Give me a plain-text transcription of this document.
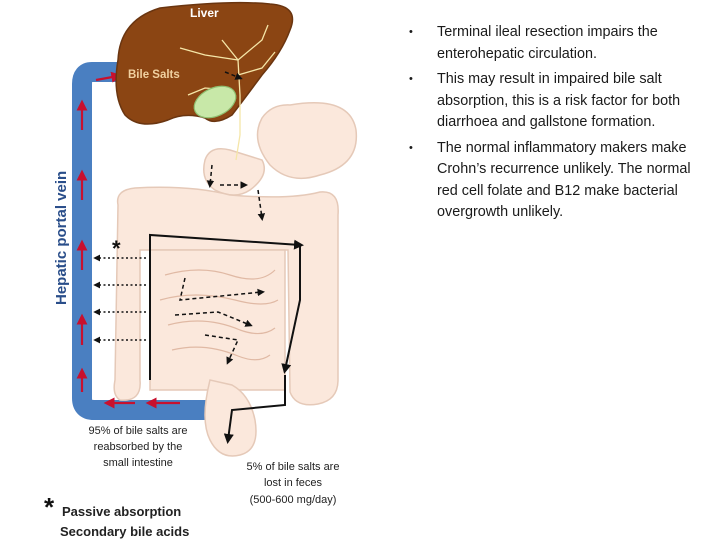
Liver
Bile Salts
Gallbladder
Hepatic portal vein *
95% of bile salts are
reabsorbed by the
small intestine	5% of bile salts are
lost in feces
(500-600 mg/day)
* Passive absorption
Secondary bile acids
• Terminal ileal resection impairs the enterohepatic circulation.
• This may result in impaired bile salt absorption, this is a risk factor for both diarrhoea and gallstone formation.
• The normal inflammatory makers make Crohn’s recurrence unlikely. The normal red cell folate and B12 make bacterial overgrowth unlikely.
